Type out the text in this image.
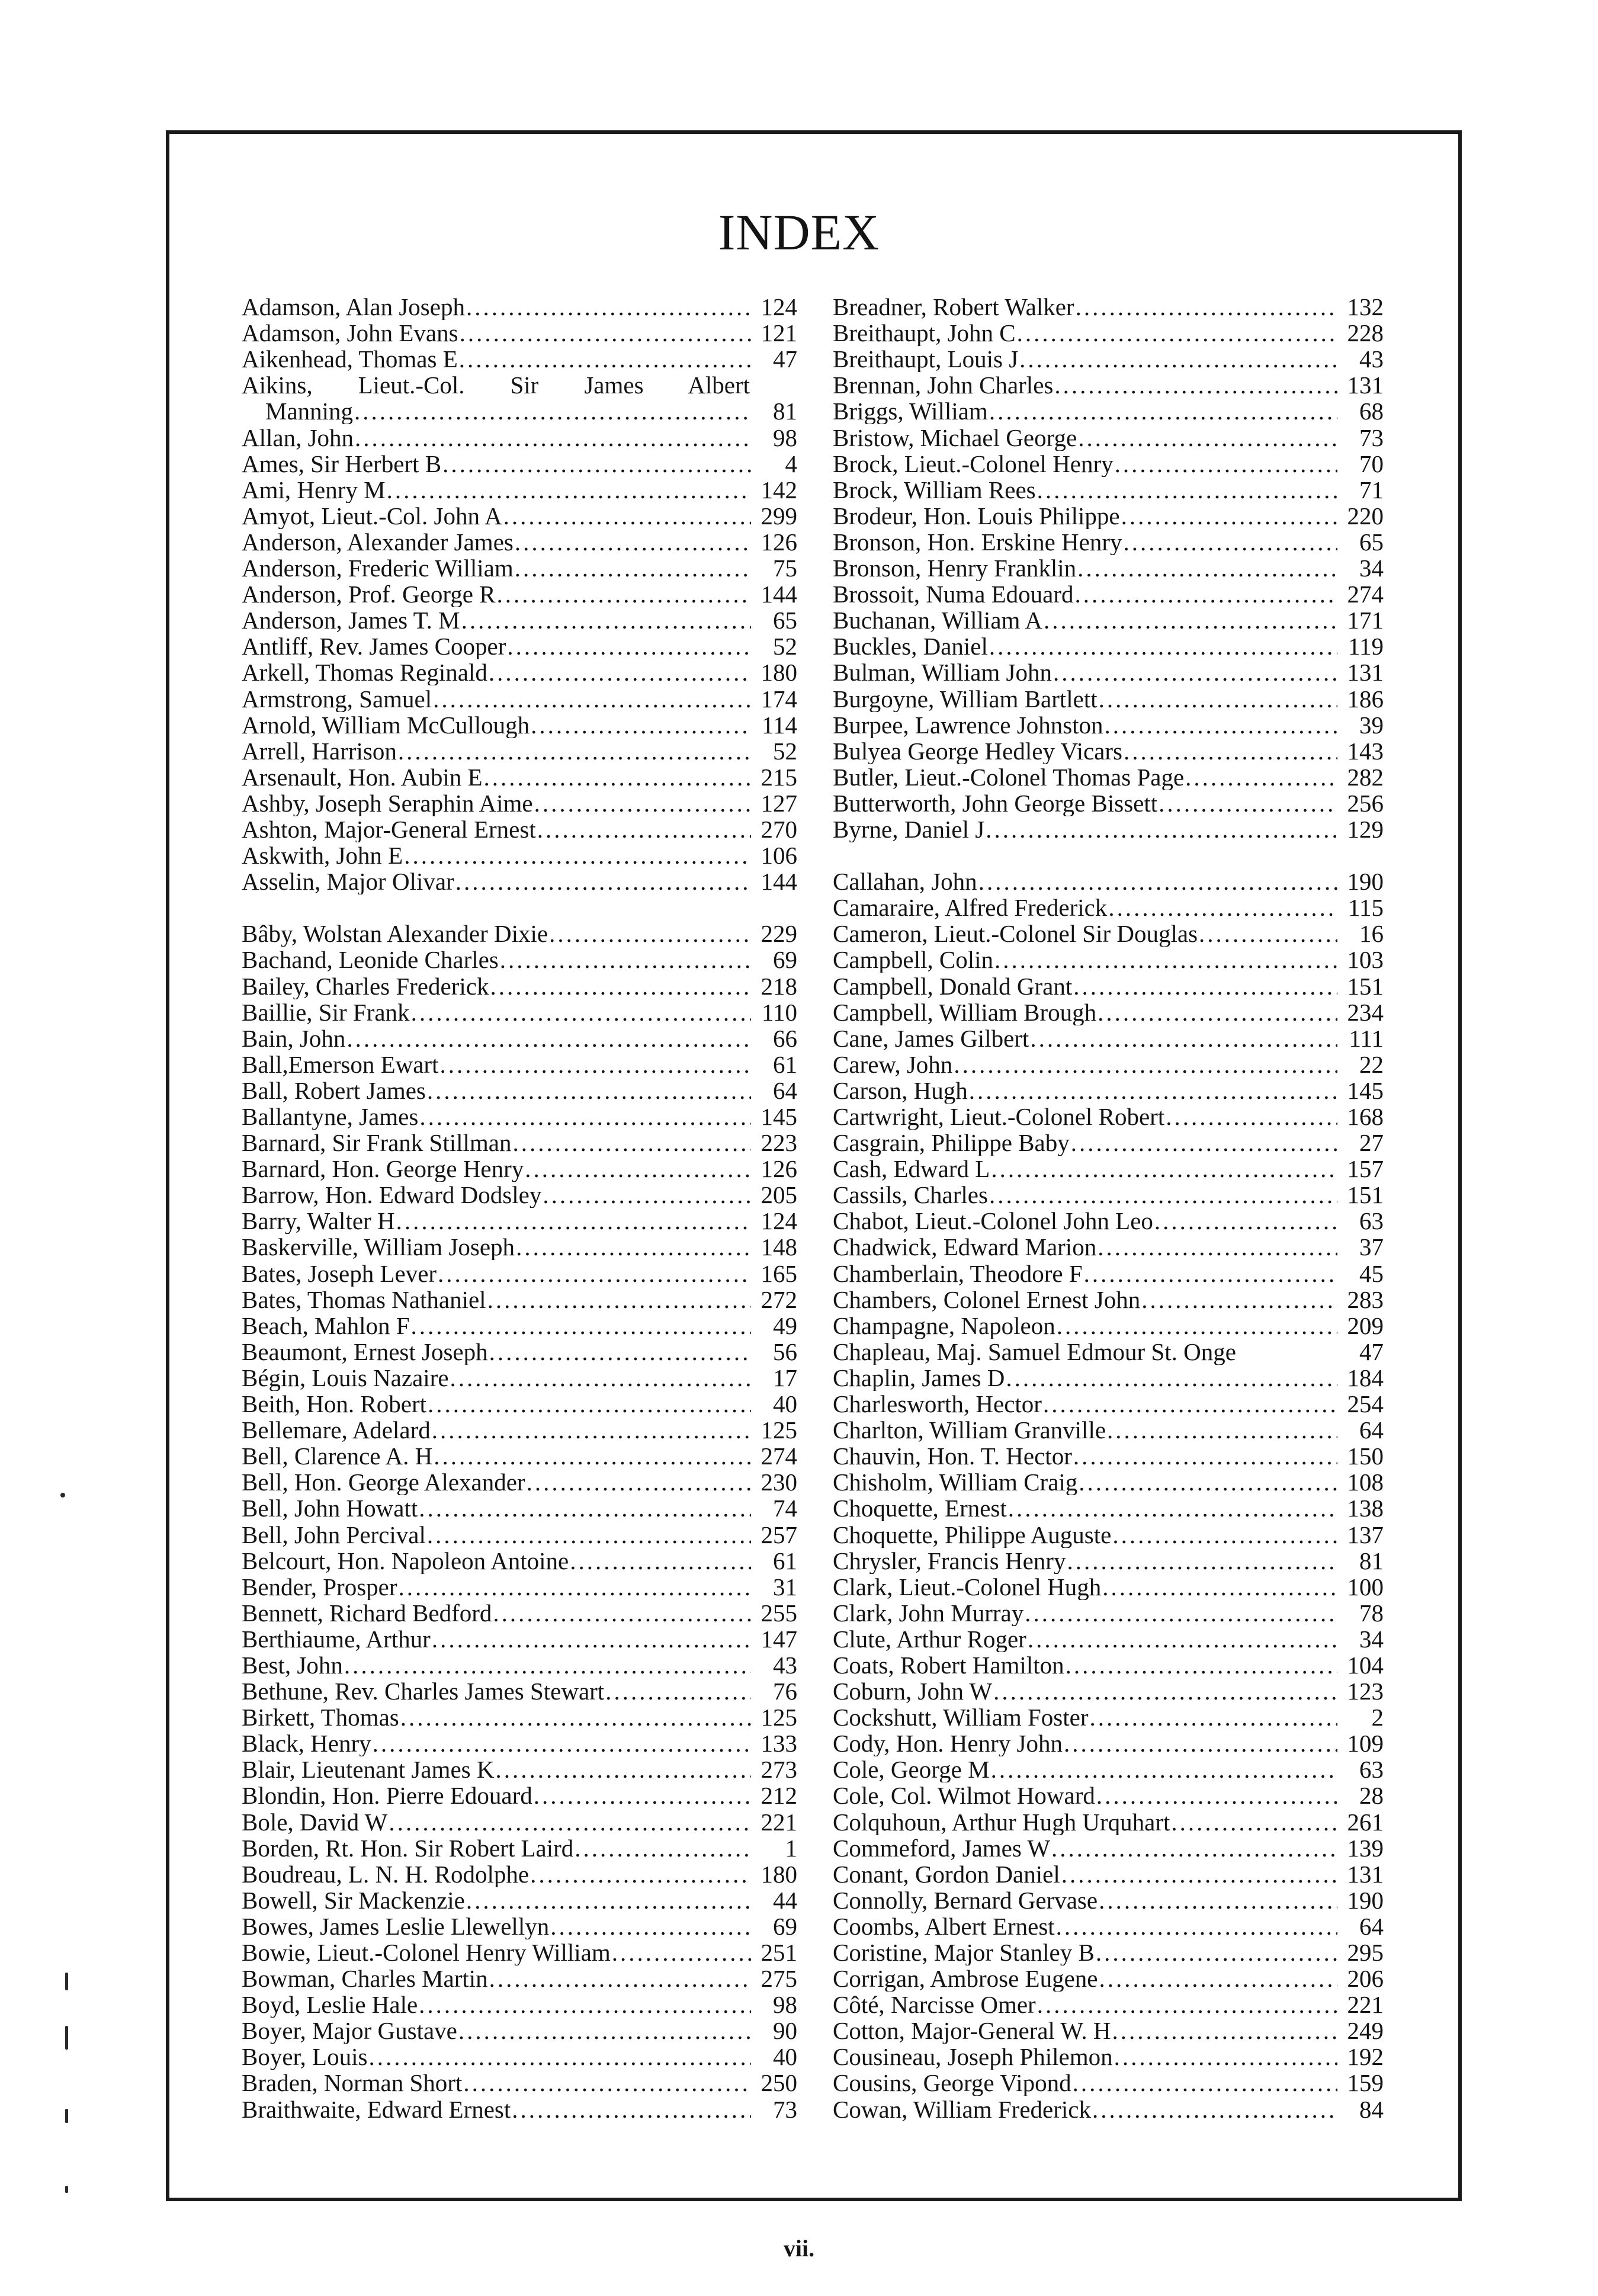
INDEX
Adamson, Alan Joseph .....	124
Adamson, John Evans .....	121
Aikenhead, Thomas E .....	47
Aikins, Lieut.-Col. Sir James Albert
Manning .....	81
Allan, John .....	98
Ames, Sir Herbert B .....	4
Ami, Henry M .....	142
Amyot, Lieut.-Col. John A .....	299
Anderson, Alexander James .....	126
Anderson, Frederic William .....	75
Anderson, Prof. George R .....	144
Anderson, James T. M .....	65
Antliff, Rev. James Cooper .....	52
Arkell, Thomas Reginald .....	180
Armstrong, Samuel .....	174
Arnold, William McCullough .....	114
Arrell, Harrison .....	52
Arsenault, Hon. Aubin E .....	215
Ashby, Joseph Seraphin Aime .....	127
Ashton, Major-General Ernest .....	270
Askwith, John E .....	106
Asselin, Major Olivar .....	144
Bâby, Wolstan Alexander Dixie .....	229
Bachand, Leonide Charles .....	69
Bailey, Charles Frederick .....	218
Baillie, Sir Frank .....	110
Bain, John .....	66
Ball,Emerson Ewart .....	61
Ball, Robert James .....	64
Ballantyne, James .....	145
Barnard, Sir Frank Stillman .....	223
Barnard, Hon. George Henry .....	126
Barrow, Hon. Edward Dodsley .....	205
Barry, Walter H .....	124
Baskerville, William Joseph .....	148
Bates, Joseph Lever .....	165
Bates, Thomas Nathaniel .....	272
Beach, Mahlon F .....	49
Beaumont, Ernest Joseph .....	56
Bégin, Louis Nazaire .....	17
Beith, Hon. Robert .....	40
Bellemare, Adelard .....	125
Bell, Clarence A. H .....	274
Bell, Hon. George Alexander .....	230
Bell, John Howatt .....	74
Bell, John Percival .....	257
Belcourt, Hon. Napoleon Antoine .....	61
Bender, Prosper .....	31
Bennett, Richard Bedford .....	255
Berthiaume, Arthur .....	147
Best, John .....	43
Bethune, Rev. Charles James Stewart .....	76
Birkett, Thomas .....	125
Black, Henry .....	133
Blair, Lieutenant James K .....	273
Blondin, Hon. Pierre Edouard .....	212
Bole, David W .....	221
Borden, Rt. Hon. Sir Robert Laird .....	1
Boudreau, L. N. H. Rodolphe .....	180
Bowell, Sir Mackenzie .....	44
Bowes, James Leslie Llewellyn .....	69
Bowie, Lieut.-Colonel Henry William .....	251
Bowman, Charles Martin .....	275
Boyd, Leslie Hale .....	98
Boyer, Major Gustave .....	90
Boyer, Louis .....	40
Braden, Norman Short .....	250
Braithwaite, Edward Ernest .....	73
Breadner, Robert Walker .....	132
Breithaupt, John C .....	228
Breithaupt, Louis J .....	43
Brennan, John Charles .....	131
Briggs, William .....	68
Bristow, Michael George .....	73
Brock, Lieut.-Colonel Henry .....	70
Brock, William Rees .....	71
Brodeur, Hon. Louis Philippe .....	220
Bronson, Hon. Erskine Henry .....	65
Bronson, Henry Franklin .....	34
Brossoit, Numa Edouard .....	274
Buchanan, William A .....	171
Buckles, Daniel .....	119
Bulman, William John .....	131
Burgoyne, William Bartlett .....	186
Burpee, Lawrence Johnston .....	39
Bulyea George Hedley Vicars .....	143
Butler, Lieut.-Colonel Thomas Page .....	282
Butterworth, John George Bissett .....	256
Byrne, Daniel J .....	129
Callahan, John .....	190
Camaraire, Alfred Frederick .....	115
Cameron, Lieut.-Colonel Sir Douglas .....	16
Campbell, Colin .....	103
Campbell, Donald Grant .....	151
Campbell, William Brough .....	234
Cane, James Gilbert .....	111
Carew, John .....	22
Carson, Hugh .....	145
Cartwright, Lieut.-Colonel Robert .....	168
Casgrain, Philippe Baby .....	27
Cash, Edward L .....	157
Cassils, Charles .....	151
Chabot, Lieut.-Colonel John Leo .....	63
Chadwick, Edward Marion .....	37
Chamberlain, Theodore F .....	45
Chambers, Colonel Ernest John .....	283
Champagne, Napoleon .....	209
Chapleau, Maj. Samuel Edmour St. Onge	47
Chaplin, James D .....	184
Charlesworth, Hector .....	254
Charlton, William Granville .....	64
Chauvin, Hon. T. Hector .....	150
Chisholm, William Craig .....	108
Choquette, Ernest .....	138
Choquette, Philippe Auguste .....	137
Chrysler, Francis Henry .....	81
Clark, Lieut.-Colonel Hugh .....	100
Clark, John Murray .....	78
Clute, Arthur Roger .....	34
Coats, Robert Hamilton .....	104
Coburn, John W .....	123
Cockshutt, William Foster .....	2
Cody, Hon. Henry John .....	109
Cole, George M .....	63
Cole, Col. Wilmot Howard .....	28
Colquhoun, Arthur Hugh Urquhart .....	261
Commeford, James W .....	139
Conant, Gordon Daniel .....	131
Connolly, Bernard Gervase .....	190
Coombs, Albert Ernest .....	64
Coristine, Major Stanley B .....	295
Corrigan, Ambrose Eugene .....	206
Côté, Narcisse Omer .....	221
Cotton, Major-General W. H .....	249
Cousineau, Joseph Philemon .....	192
Cousins, George Vipond .....	159
Cowan, William Frederick .....	84
vii.
